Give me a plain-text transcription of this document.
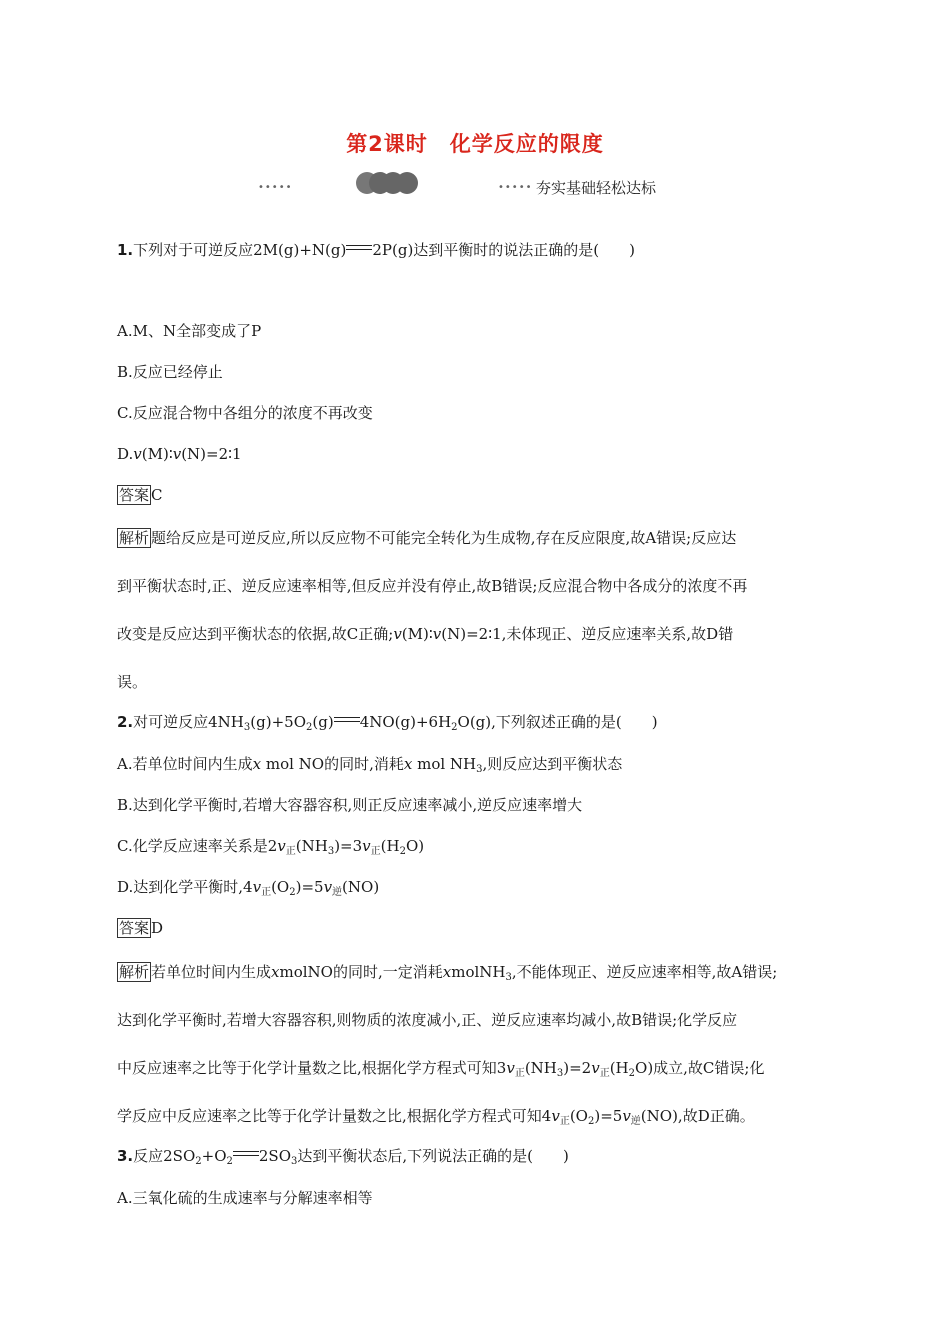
第2课时 化学反应的限度
•••••	••••• 夯实基础轻松达标
1.下列对于可逆反应2M(g)+N(g) 2P(g)达到平衡时的说法正确的是(　　)
A.M、N全部变成了P
B.反应已经停止
C.反应混合物中各组分的浓度不再改变
D.v(M)∶v(N)=2∶1
答案 C
解析 题给反应是可逆反应,所以反应物不可能完全转化为生成物,存在反应限度,故A错误;反应达
到平衡状态时,正、逆反应速率相等,但反应并没有停止,故B错误;反应混合物中各成分的浓度不再
改变是反应达到平衡状态的依据,故C正确;v(M)∶v(N)=2∶1,未体现正、逆反应速率关系,故D错
误。
2.对可逆反应$4NH_3(g)+5O_2(g)$ $4NO(g)+6H_2O(g)$,下列叙述正确的是(　　)
A.若单位时间内生成x mol NO的同时,消耗x mol $NH_3$,则反应达到平衡状态
B.达到化学平衡时,若增大容器容积,则正反应速率减小,逆反应速率增大
C.化学反应速率关系是$2v_正(NH_3)=3v_正(H_2O)$
D.达到化学平衡时$,4v_正(O_2)=5v_逆(NO)$
答案 D
解析 若单位时间内生成xmolNO的同时,一定消耗xmolNH$_3$,不能体现正、逆反应速率相等,故A错误;
达到化学平衡时,若增大容器容积,则物质的浓度减小,正、逆反应速率均减小,故B错误;化学反应
中反应速率之比等于化学计量数之比,根据化学方程式可知$3v_正(NH_3)=2v_正(H_2O)$成立,故C错误;化
学反应中反应速率之比等于化学计量数之比,根据化学方程式可知$4v_正(O_2)=5v_逆(NO)$,故D正确。
3.反应$2SO_2+O_2$ $2SO_3$达到平衡状态后,下列说法正确的是(　　)
A.三氧化硫的生成速率与分解速率相等
